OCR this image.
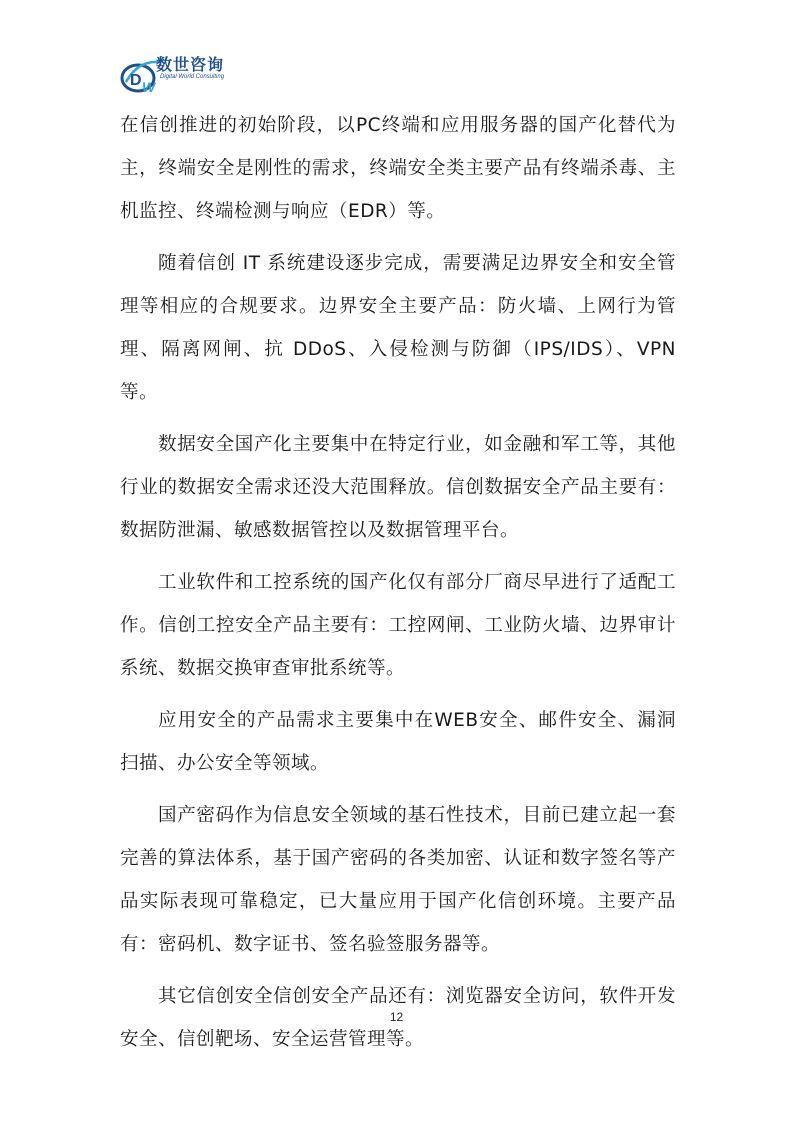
D W
数世咨询
Digital World Consulting

在信创推进的初始阶段，以PC终端和应用服务器的国产化替代为主，终端安全是刚性的需求，终端安全类主要产品有终端杀毒、主机监控、终端检测与响应（EDR）等。

随着信创 IT 系统建设逐步完成，需要满足边界安全和安全管理等相应的合规要求。边界安全主要产品：防火墙、上网行为管理、隔离网闸、抗 DDoS、入侵检测与防御（IPS/IDS）、VPN 等。

数据安全国产化主要集中在特定行业，如金融和军工等，其他行业的数据安全需求还没大范围释放。信创数据安全产品主要有：数据防泄漏、敏感数据管控以及数据管理平台。

工业软件和工控系统的国产化仅有部分厂商尽早进行了适配工作。信创工控安全产品主要有：工控网闸、工业防火墙、边界审计系统、数据交换审查审批系统等。

应用安全的产品需求主要集中在WEB安全、邮件安全、漏洞扫描、办公安全等领域。

国产密码作为信息安全领域的基石性技术，目前已建立起一套完善的算法体系，基于国产密码的各类加密、认证和数字签名等产品实际表现可靠稳定，已大量应用于国产化信创环境。主要产品有：密码机、数字证书、签名验签服务器等。

其它信创安全信创安全产品还有：浏览器安全访问，软件开发安全、信创靶场、安全运营管理等。

12
